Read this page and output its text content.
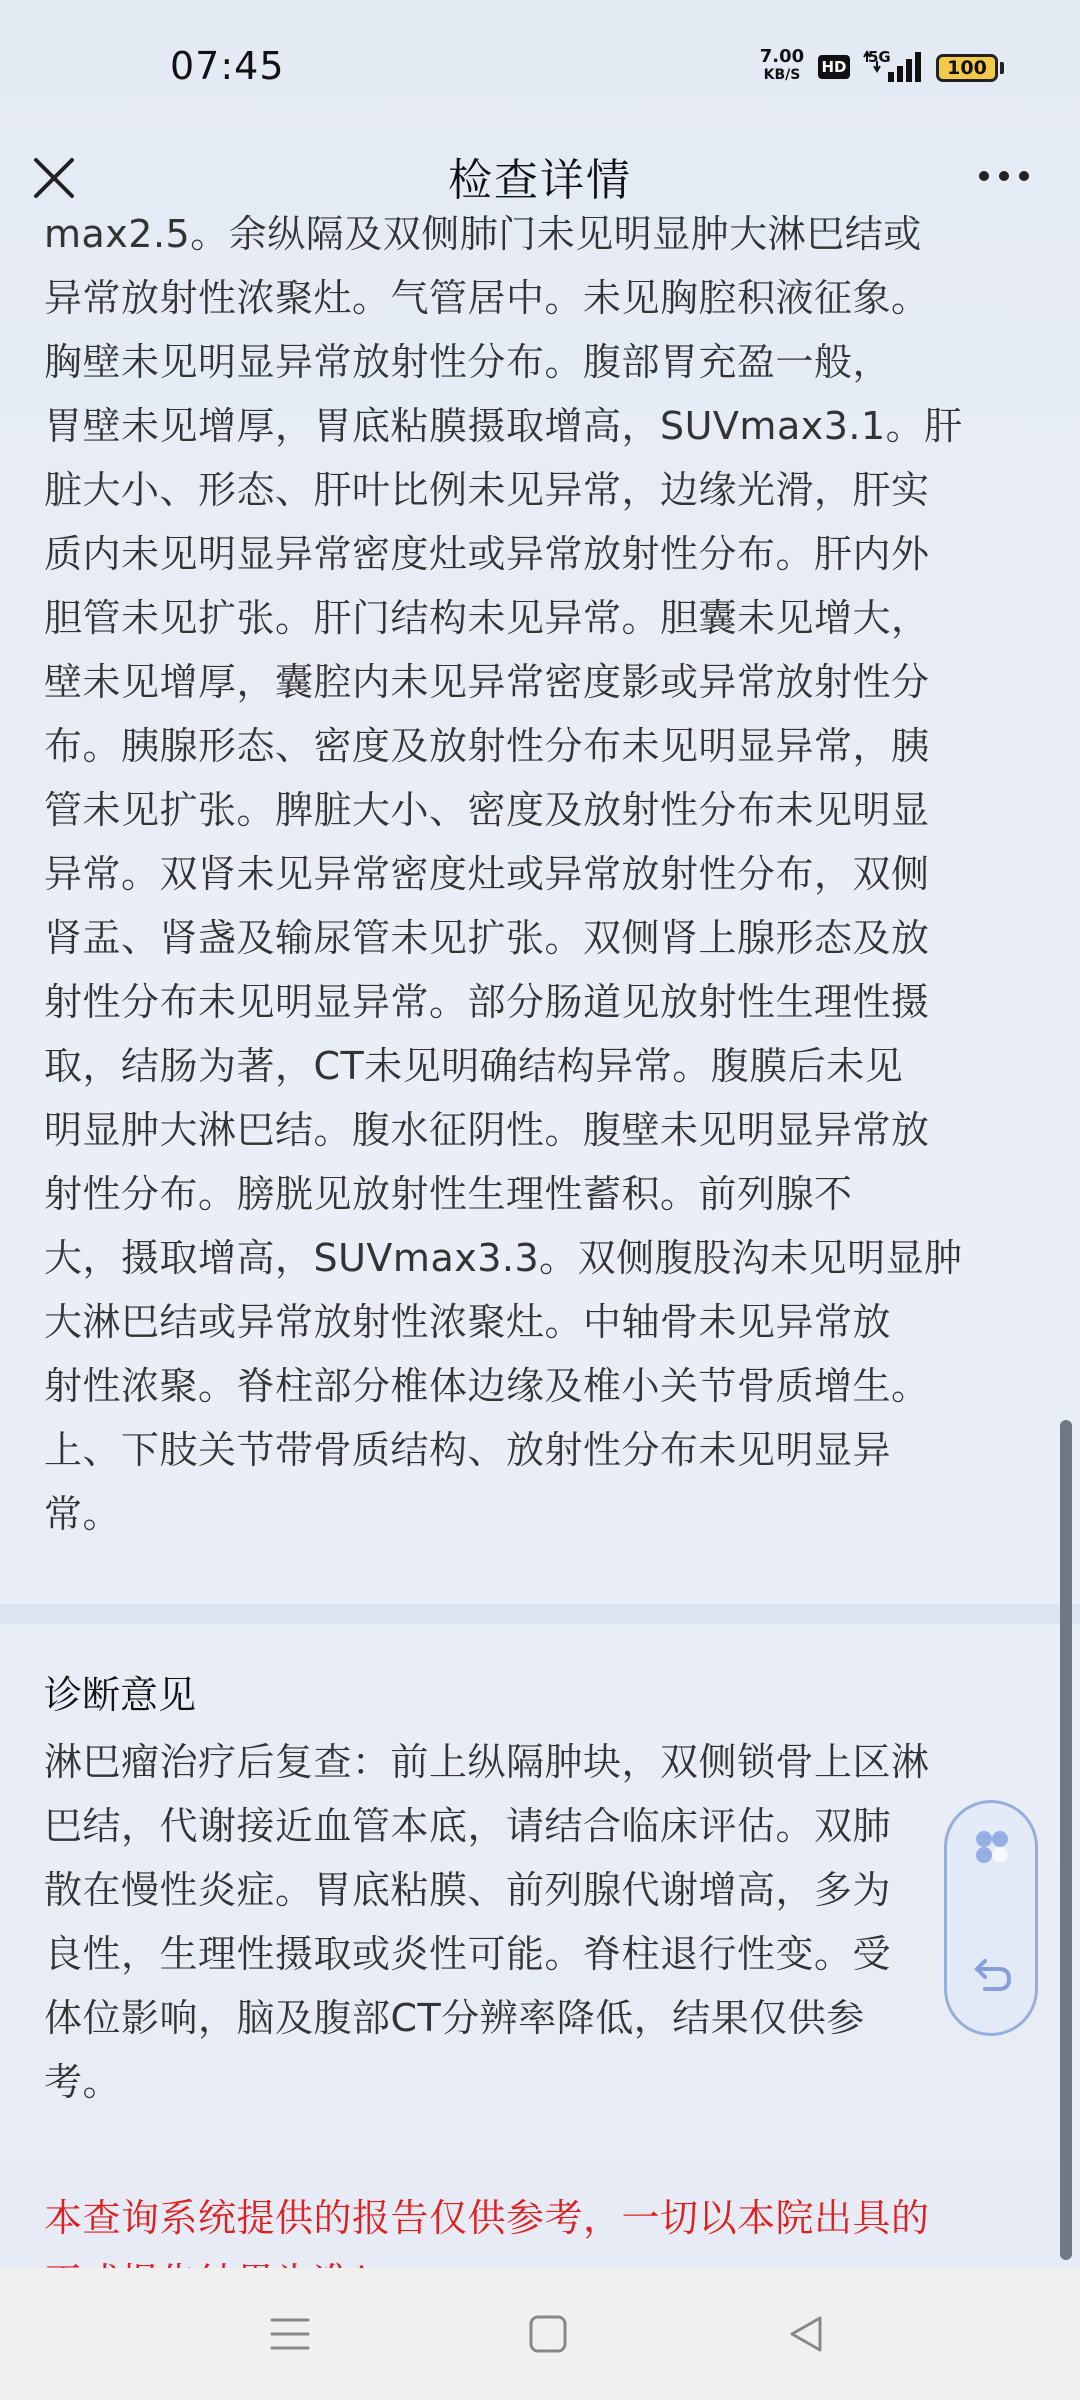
07:45	7.00
KB/S	HD
5G	100
检查详情
max2.5。余纵隔及双侧肺门未见明显肿大淋巴结或
异常放射性浓聚灶。气管居中。未见胸腔积液征象。
胸壁未见明显异常放射性分布。腹部胃充盈一般，
胃壁未见增厚，胃底粘膜摄取增高，SUVmax3.1。肝
脏大小、形态、肝叶比例未见异常，边缘光滑，肝实
质内未见明显异常密度灶或异常放射性分布。肝内外
胆管未见扩张。肝门结构未见异常。胆囊未见增大，
壁未见增厚，囊腔内未见异常密度影或异常放射性分
布。胰腺形态、密度及放射性分布未见明显异常，胰
管未见扩张。脾脏大小、密度及放射性分布未见明显
异常。双肾未见异常密度灶或异常放射性分布，双侧
肾盂、肾盏及输尿管未见扩张。双侧肾上腺形态及放
射性分布未见明显异常。部分肠道见放射性生理性摄
取，结肠为著，CT未见明确结构异常。腹膜后未见
明显肿大淋巴结。腹水征阴性。腹壁未见明显异常放
射性分布。膀胱见放射性生理性蓄积。前列腺不
大，摄取增高，SUVmax3.3。双侧腹股沟未见明显肿
大淋巴结或异常放射性浓聚灶。中轴骨未见异常放
射性浓聚。脊柱部分椎体边缘及椎小关节骨质增生。
上、下肢关节带骨质结构、放射性分布未见明显异
常。
诊断意见
淋巴瘤治疗后复查：前上纵隔肿块，双侧锁骨上区淋
巴结，代谢接近血管本底，请结合临床评估。双肺
散在慢性炎症。胃底粘膜、前列腺代谢增高，多为
良性，生理性摄取或炎性可能。脊柱退行性变。受
体位影响，脑及腹部CT分辨率降低，结果仅供参
考。
本查询系统提供的报告仅供参考，一切以本院出具的
